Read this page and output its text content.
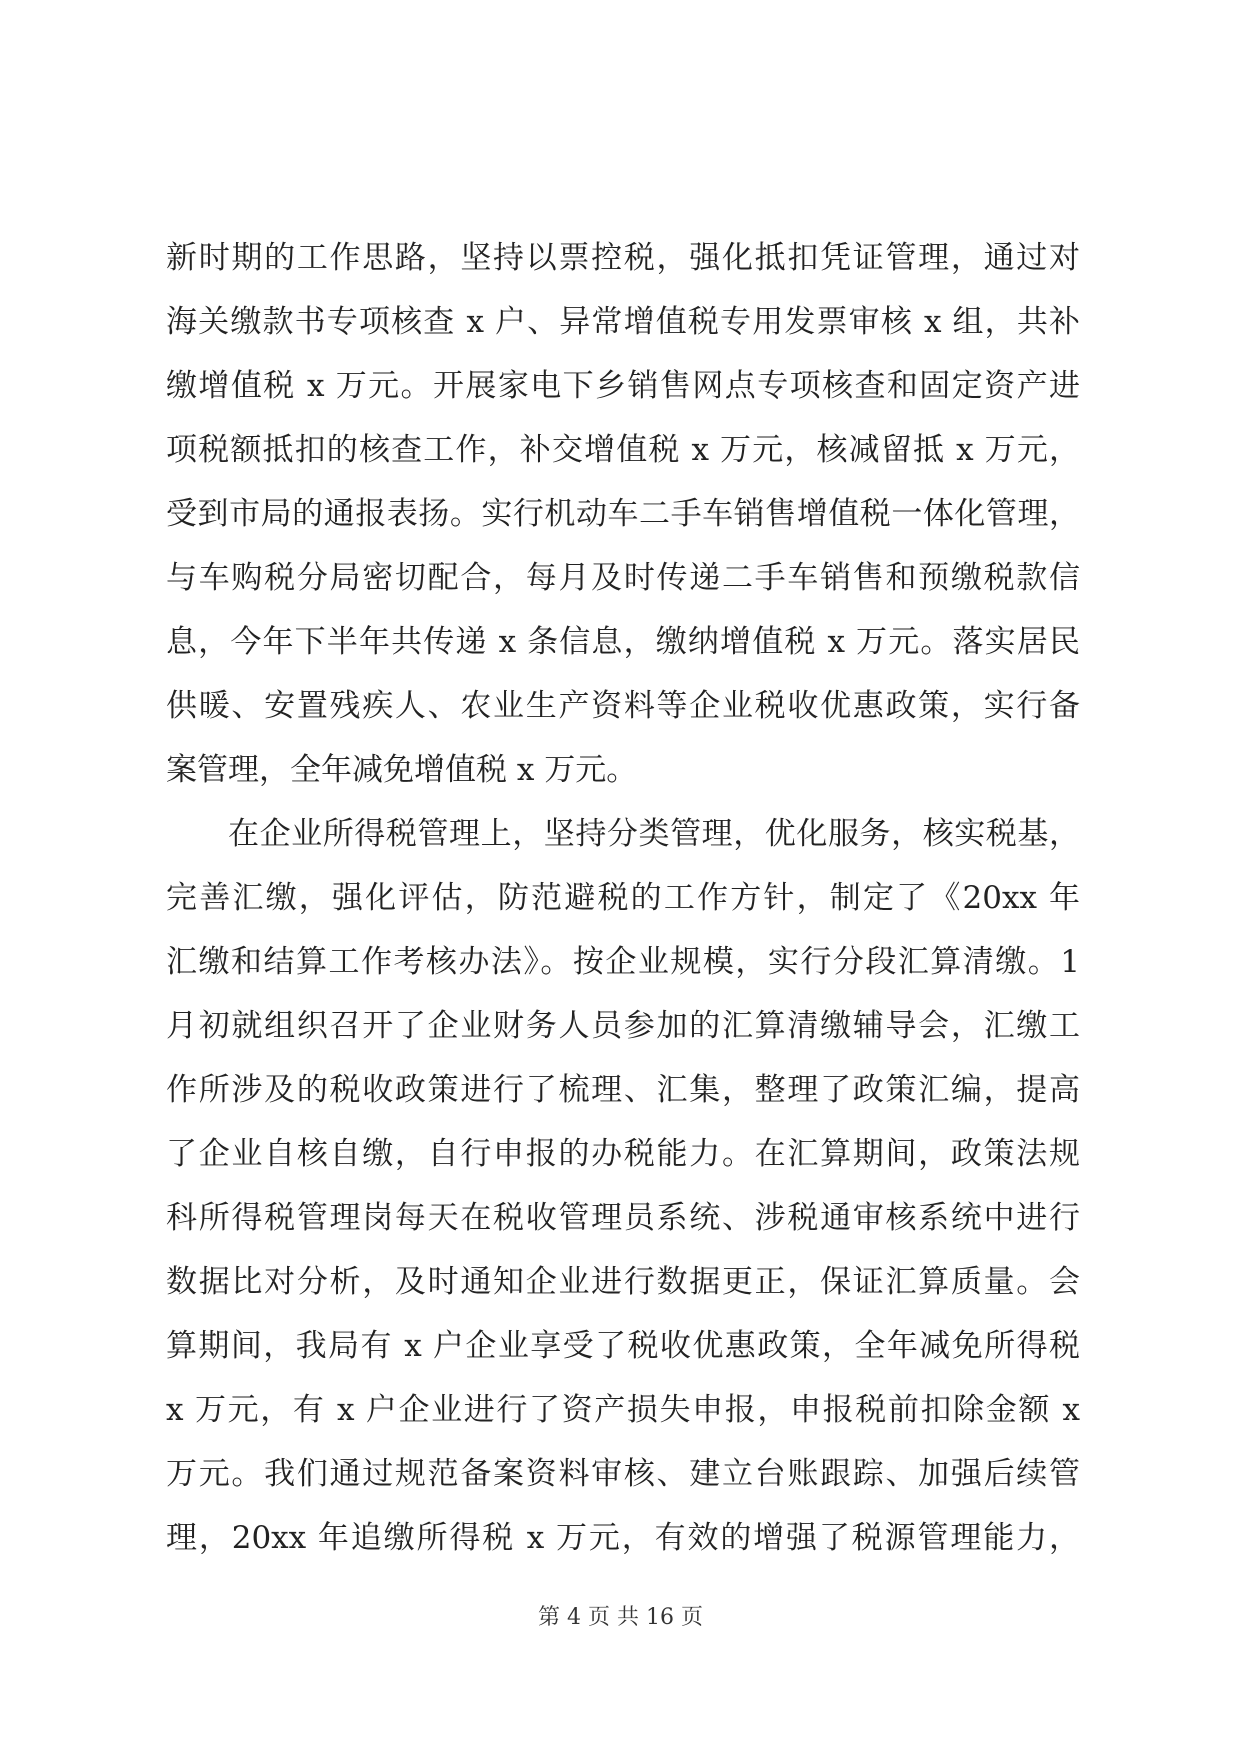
新时期的工作思路，坚持以票控税，强化抵扣凭证管理，通过对
海关缴款书专项核查 x 户、异常增值税专用发票审核 x 组，共补
缴增值税 x 万元。开展家电下乡销售网点专项核查和固定资产进
项税额抵扣的核查工作，补交增值税 x 万元，核减留抵 x 万元，
受到市局的通报表扬。实行机动车二手车销售增值税一体化管理，
与车购税分局密切配合，每月及时传递二手车销售和预缴税款信
息，今年下半年共传递 x 条信息，缴纳增值税 x 万元。落实居民
供暖、安置残疾人、农业生产资料等企业税收优惠政策，实行备
案管理，全年减免增值税 x 万元。
在企业所得税管理上，坚持分类管理，优化服务，核实税基，
完善汇缴，强化评估，防范避税的工作方针，制定了《20xx 年
汇缴和结算工作考核办法》。按企业规模，实行分段汇算清缴。1
月初就组织召开了企业财务人员参加的汇算清缴辅导会，汇缴工
作所涉及的税收政策进行了梳理、汇集，整理了政策汇编，提高
了企业自核自缴，自行申报的办税能力。在汇算期间，政策法规
科所得税管理岗每天在税收管理员系统、涉税通审核系统中进行
数据比对分析，及时通知企业进行数据更正，保证汇算质量。会
算期间，我局有 x 户企业享受了税收优惠政策，全年减免所得税
x 万元，有 x 户企业进行了资产损失申报，申报税前扣除金额 x
万元。我们通过规范备案资料审核、建立台账跟踪、加强后续管
理，20xx 年追缴所得税 x 万元，有效的增强了税源管理能力，
第 4 页 共 16 页
